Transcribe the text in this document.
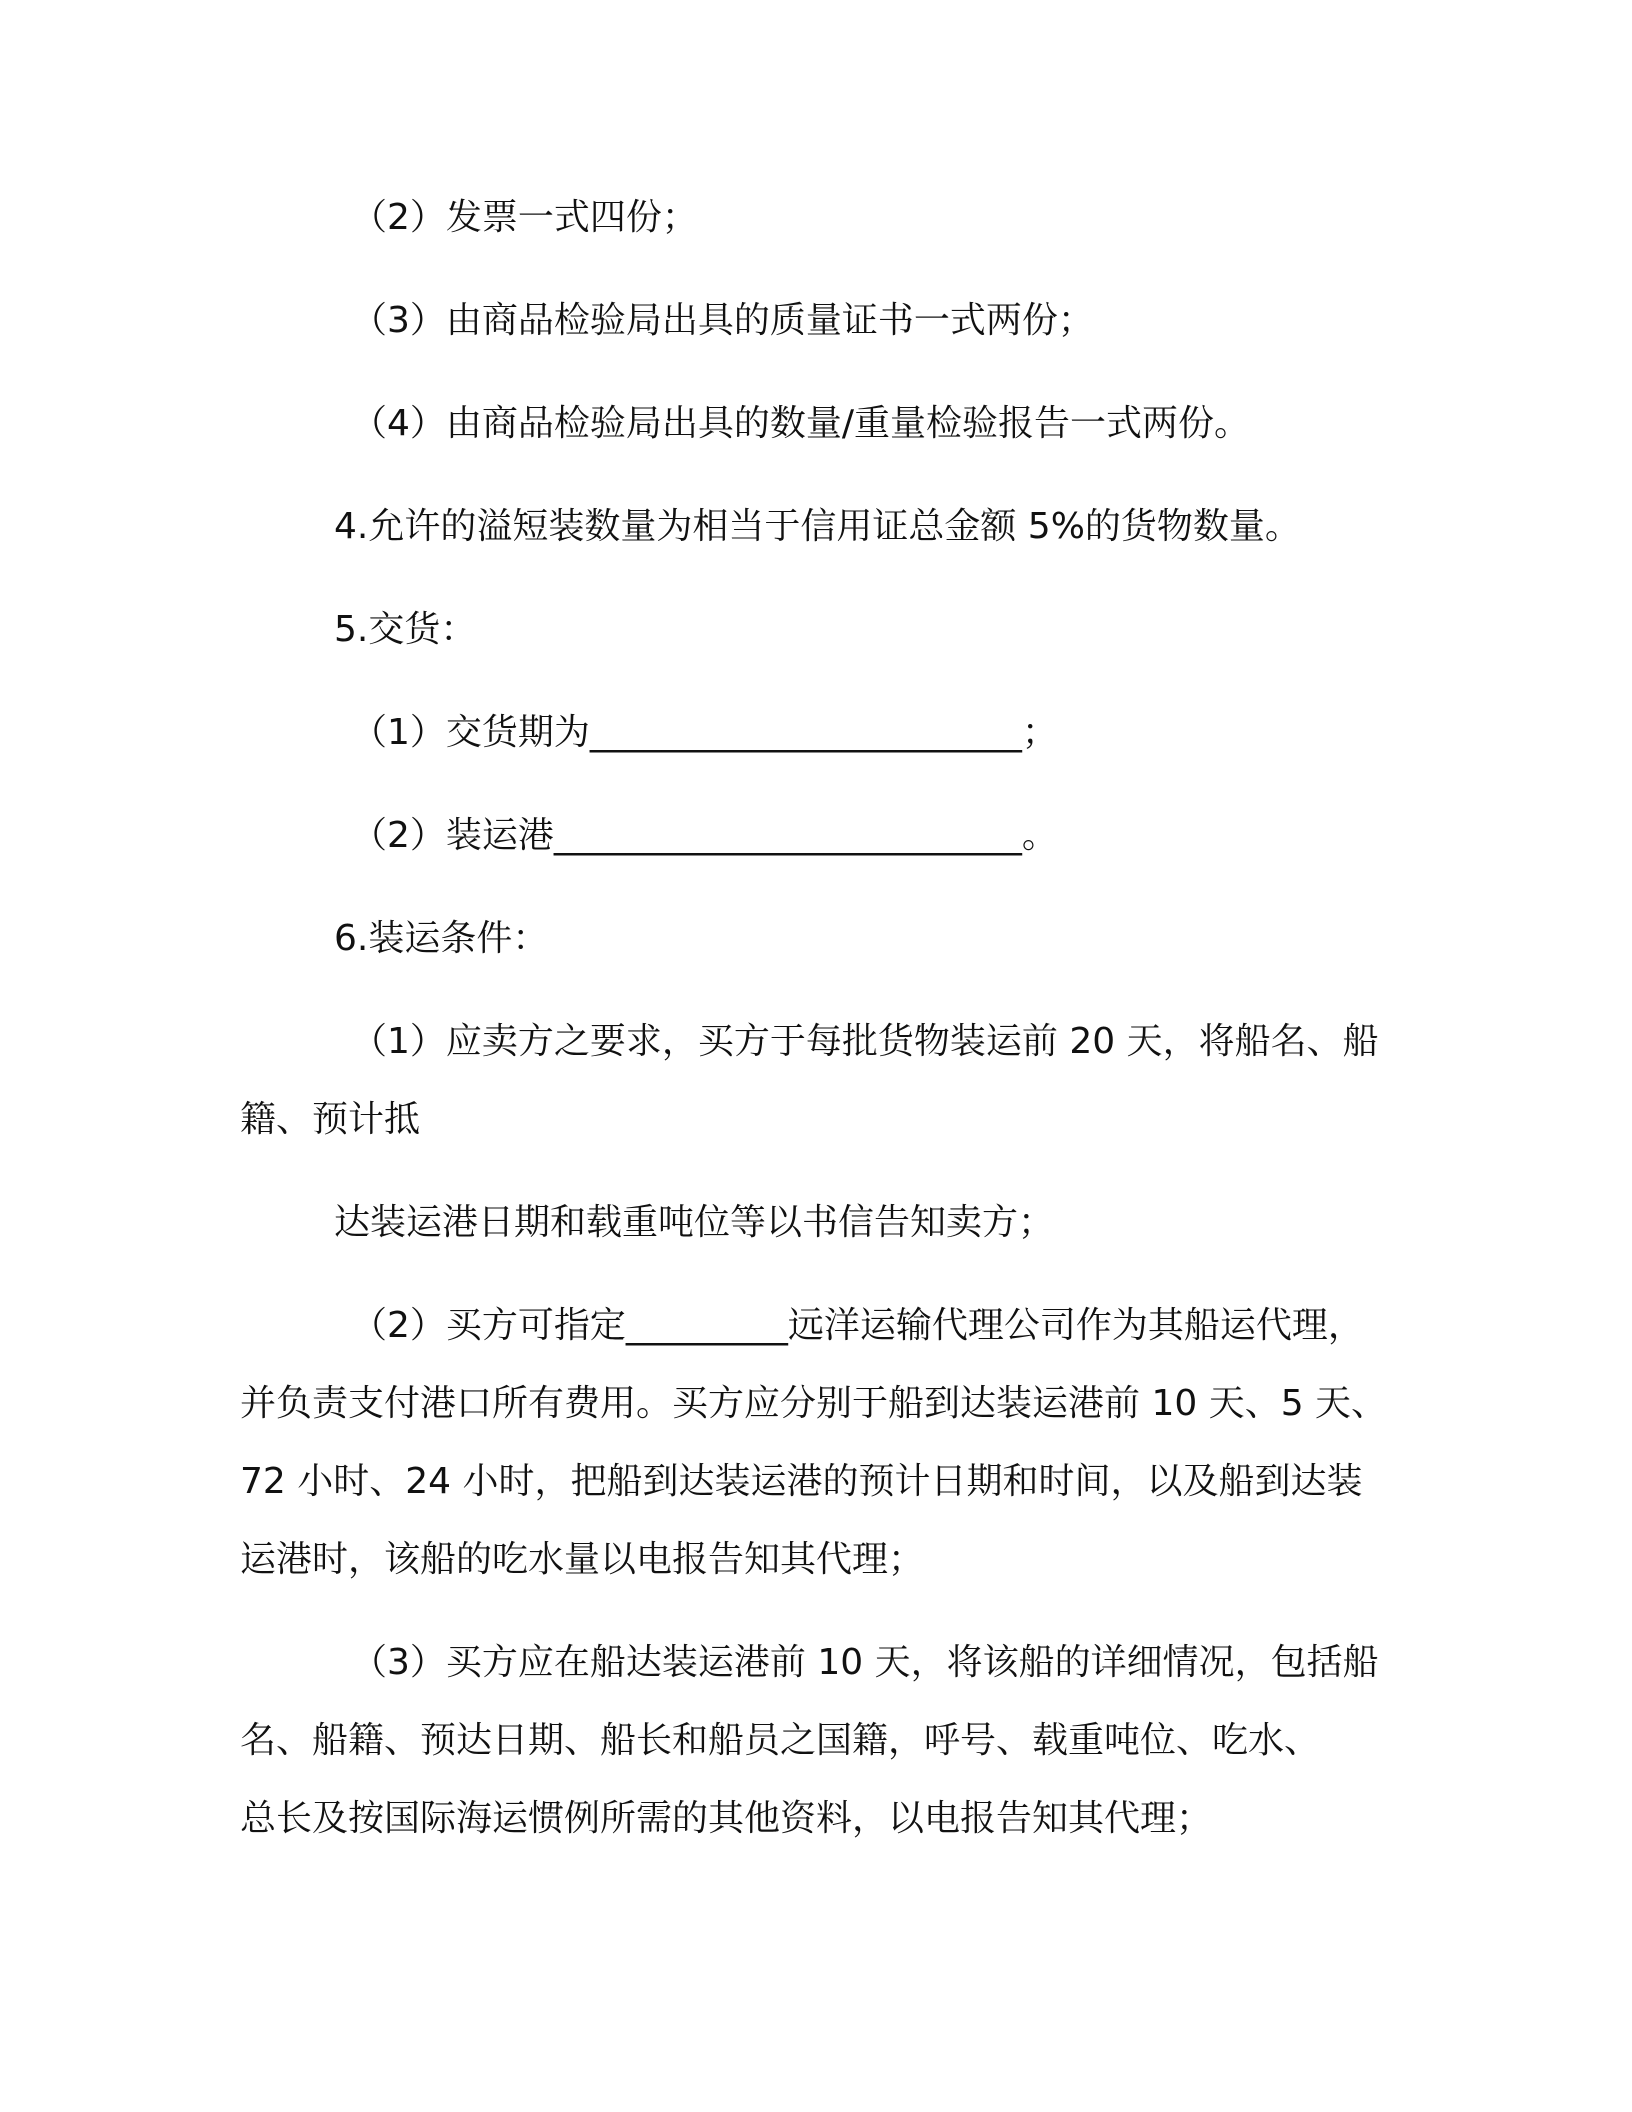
（2）发票一式四份；
（3）由商品检验局出具的质量证书一式两份；
（4）由商品检验局出具的数量/重量检验报告一式两份。
4.允许的溢短装数量为相当于信用证总金额 5%的货物数量。
5.交货：
（1）交货期为________________________；
（2）装运港__________________________。
6.装运条件：
（1）应卖方之要求，买方于每批货物装运前 20 天，将船名、船
籍、预计抵
达装运港日期和载重吨位等以书信告知卖方；
（2）买方可指定_________远洋运输代理公司作为其船运代理，
并负责支付港口所有费用。买方应分别于船到达装运港前 10 天、5 天、
72 小时、24 小时，把船到达装运港的预计日期和时间，以及船到达装
运港时，该船的吃水量以电报告知其代理；
（3）买方应在船达装运港前 10 天，将该船的详细情况，包括船
名、船籍、预达日期、船长和船员之国籍，呼号、载重吨位、吃水、
总长及按国际海运惯例所需的其他资料，以电报告知其代理；
